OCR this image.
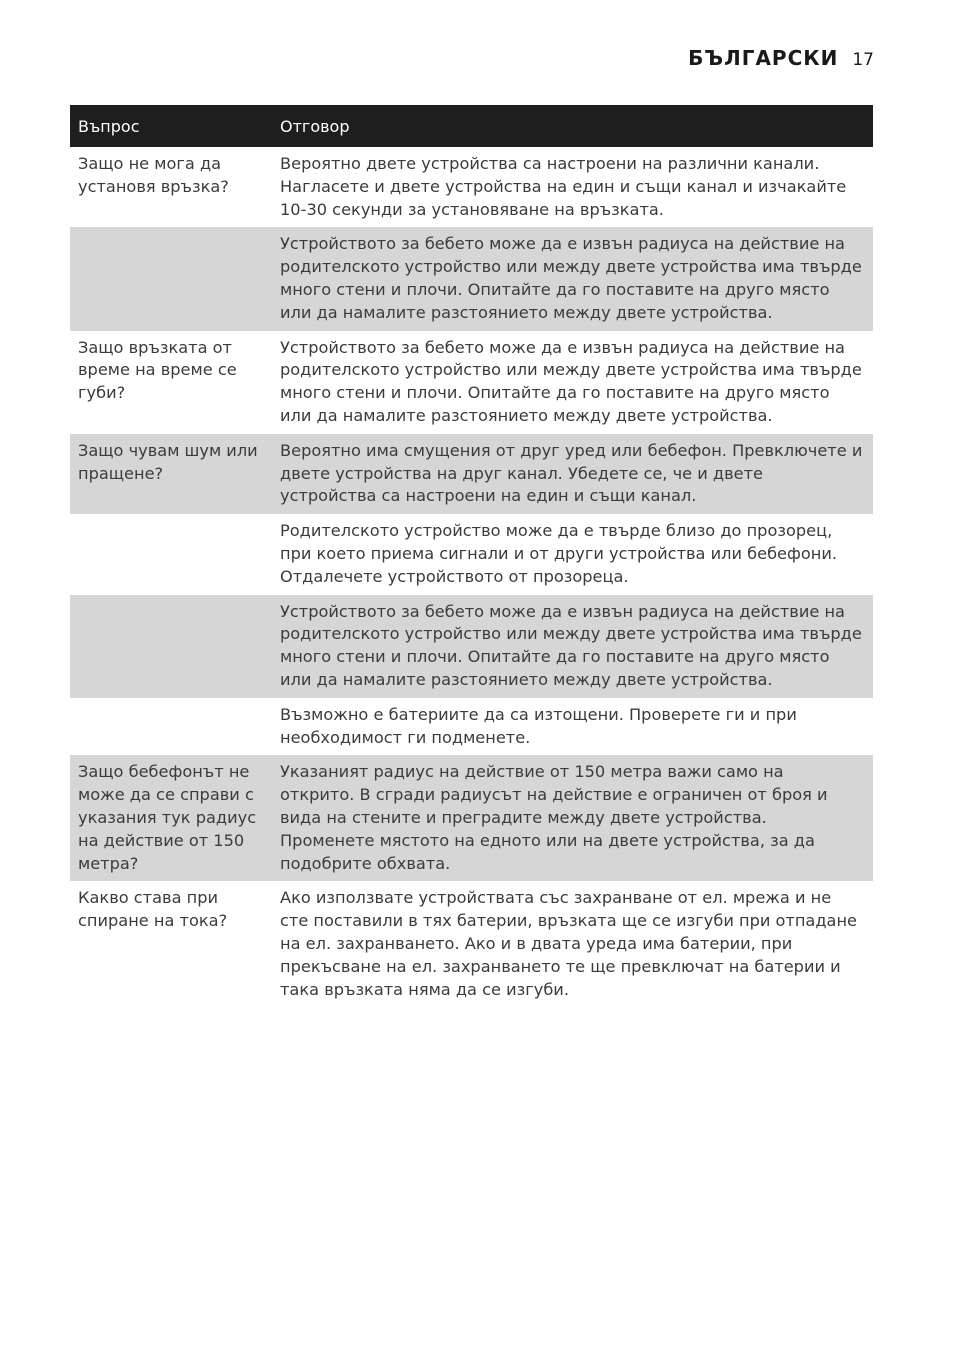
БЪЛГАРСКИ 17
Въпрос	Отговор
Защо не мога да установя връзка?
Вероятно двете устройства са настроени на различни канали. Нагласете и двете устройства на един и същи канал и изчакайте 10-30 секунди за установяване на връзката.
Устройството за бебето може да е извън радиуса на действие на родителското устройство или между двете устройства има твърде много стени и плочи. Опитайте да го поставите на друго място или да намалите разстоянието между двете устройства.
Защо връзката от време на време се губи?
Устройството за бебето може да е извън радиуса на действие на родителското устройство или между двете устройства има твърде много стени и плочи. Опитайте да го поставите на друго място или да намалите разстоянието между двете устройства.
Защо чувам шум или пращене?
Вероятно има смущения от друг уред или бебефон. Превключете и двете устройства на друг канал. Убедете се, че и двете устройства са настроени на един и същи канал.
Родителското устройство може да е твърде близо до прозорец, при което приема сигнали и от други устройства или бебефони. Отдалечете устройството от прозореца.
Устройството за бебето може да е извън радиуса на действие на родителското устройство или между двете устройства има твърде много стени и плочи. Опитайте да го поставите на друго място или да намалите разстоянието между двете устройства.
Възможно е батериите да са изтощени. Проверете ги и при необходимост ги подменете.
Защо бебефонът не може да се справи с указания тук радиус на действие от 150 метра?
Указаният радиус на действие от 150 метра важи само на открито. В сгради радиусът на действие е ограничен от броя и вида на стените и преградите между двете устройства. Променете мястото на едното или на двете устройства, за да подобрите обхвата.
Какво става при спиране на тока?
Ако използвате устройствата със захранване от ел. мрежа и не сте поставили в тях батерии, връзката ще се изгуби при отпадане на ел. захранването. Ако и в двата уреда има батерии, при прекъсване на ел. захранването те ще превключат на батерии и така връзката няма да се изгуби.
